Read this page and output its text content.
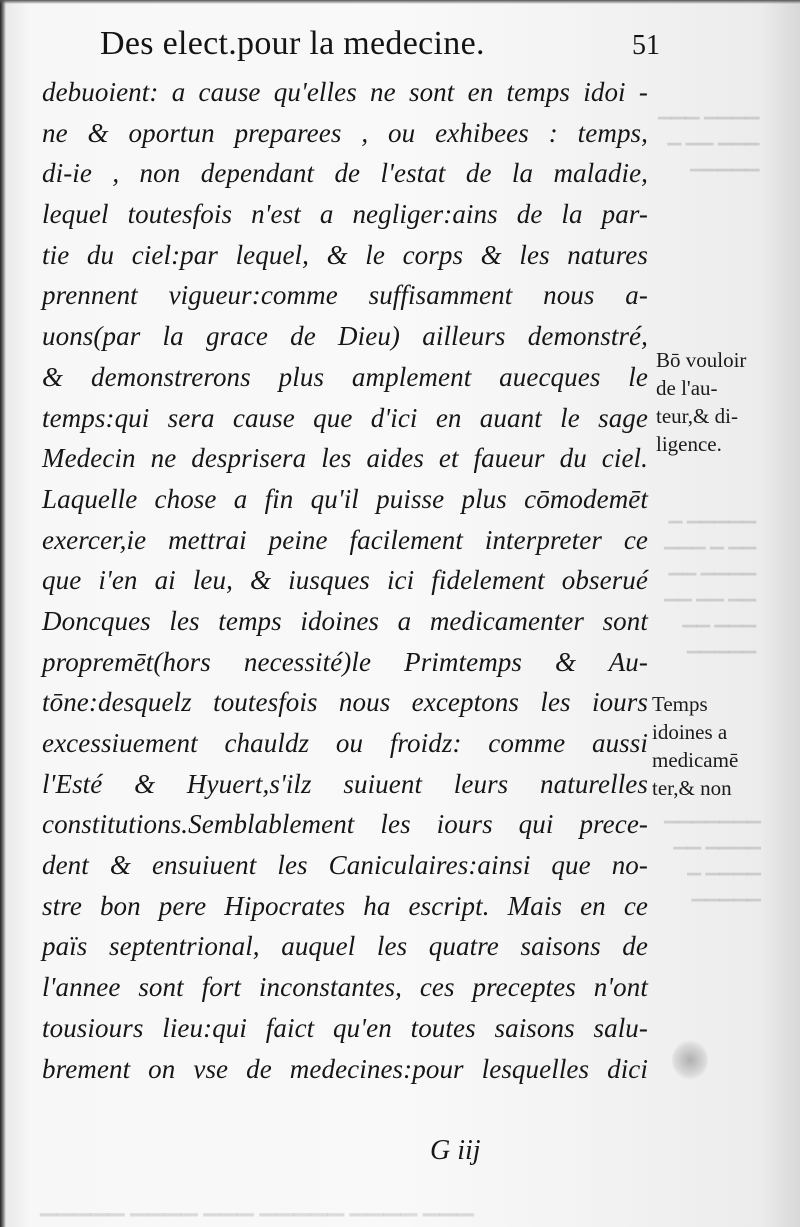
▁▁▁▁ ▁▁▁
▁▁▁ ▁▁ ▁
▁▁▁▁▁
▁▁▁▁▁ ▁
▁▁ ▁ ▁▁▁
▁▁▁▁ ▁▁
▁▁ ▁▁ ▁▁
▁▁▁ ▁▁
▁▁▁▁▁
▁▁▁▁▁▁▁
▁▁▁▁ ▁▁
▁▁▁▁ ▁
▁▁▁▁▁
Des elect.pour la medecine.	51
debuoient: a cause qu'elles ne sont en temps idoi -
ne & oportun preparees , ou exhibees : temps,
di-ie , non dependant de l'estat de la maladie,
lequel toutesfois n'est a negliger:ains de la par-
tie du ciel:par lequel, & le corps & les natures
prennent vigueur:comme suffisamment nous a-
uons(par la grace de Dieu) ailleurs demonstré,
& demonstrerons plus amplement auecques le
temps:qui sera cause que d'ici en auant le sage
Medecin ne desprisera les aides et faueur du ciel.
Laquelle chose a fin qu'il puisse plus cōmodemēt
exercer,ie mettrai peine facilement interpreter ce
que i'en ai leu, & iusques ici fidelement obserué
Doncques les temps idoines a medicamenter sont
propremēt(hors necessité)le Primtemps & Au-
tōne:desquelz toutesfois nous exceptons les iours
excessiuement chauldz ou froidz: comme aussi
l'Esté & Hyuert,s'ilz suiuent leurs naturelles
constitutions.Semblablement les iours qui prece-
dent & ensuiuent les Caniculaires:ainsi que no-
stre bon pere Hipocrates ha escript. Mais en ce
païs septentrional, auquel les quatre saisons de
l'annee sont fort inconstantes, ces preceptes n'ont
tousiours lieu:qui faict qu'en toutes saisons salu-
brement on vse de medecines:pour lesquelles dici
G iij
Bō vouloir
de l'au-
teur,& di-
ligence.
Temps
idoines a
medicamē
ter,& non
▁▁▁ ▁▁▁▁ ▁▁▁▁▁ ▁▁▁ ▁▁▁▁ ▁▁▁▁▁
